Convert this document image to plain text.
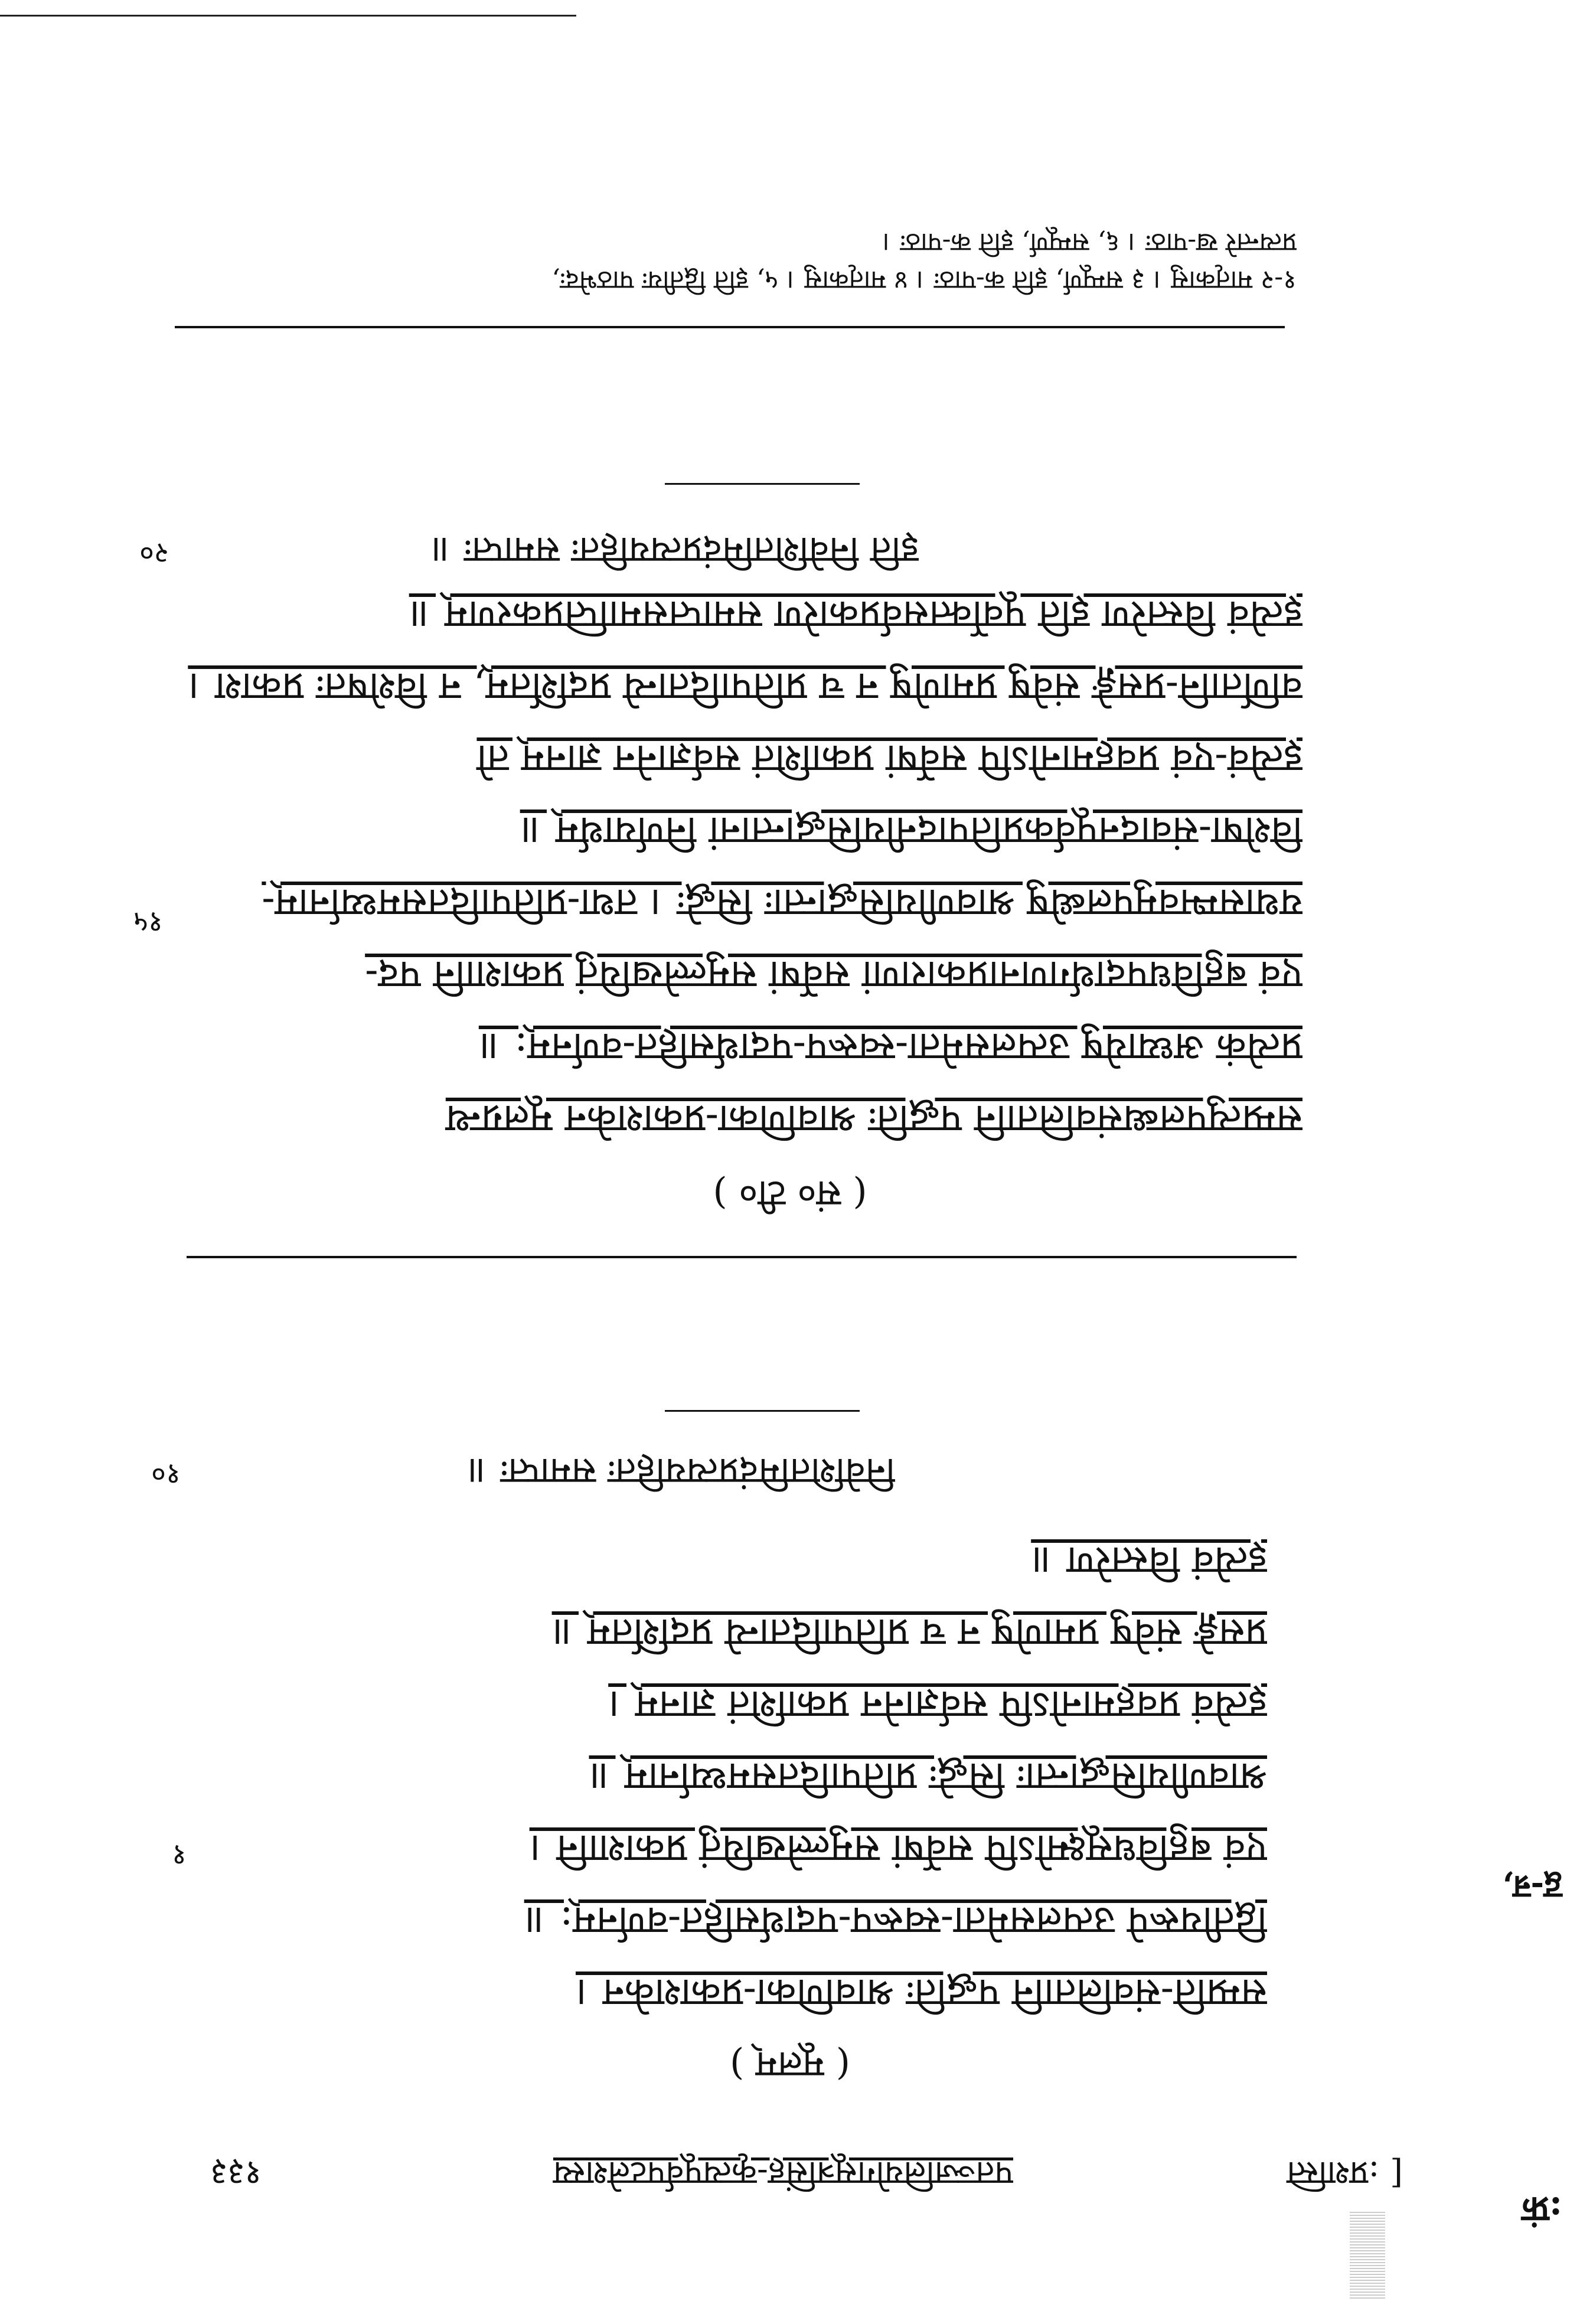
[ :प्रशस्ति
पतञ्जलियोगसूत्रसिंह-कृत्यपूर्वपटलेशस्य
१३३
( मूलम् )
सम्प्रति-संवलितानि पद्धतिः श्रावणिका-प्रकाशकेन ।
द्वितीयरूपे उत्पलसमेता-स्वरूप-पदार्थसहित-वर्णनम्: ॥
एवं बहुविधसूक्ष्मोऽपि सर्वेषां समुल्लेखयितुं प्रकाशानि ।
श्रावणीयसिद्धान्ताः सिद्धेः प्रतिपादितसमर्थ्यानाम् ॥
इत्येवं प्रवहमानोऽपि सर्वज्ञानेन प्रकाशितं ज्ञानम् ।
प्रसङ्गे संवेषु प्रमाणेषु न च प्रतिपादितान्ये प्रदर्शितम् ॥
इत्येवं विस्तरेण ॥
१
निवेशितमिदंप्रत्ययहितः समाप्तः ॥
१०
( सं० टी० )
सम्प्रत्युपलब्धसंवलितानि पद्धतिः श्रावणिका-प्रकाशकेन मूलग्रन्थ
प्रत्येकं अध्यायेषु उत्पलसमेता-स्वरूप-पदार्थसहित-वर्णनम्: ॥
एवं बहुविधपदार्थगणनाप्रकाराणां सर्वेषां समुल्लेखयितुं प्रकाशानि पद-
यथासम्भवमुपलब्धेषु श्रावणीयसिद्धान्ताः सिद्धेः । तथा-प्रतिपादितसमर्थ्यानाम्-
विशेषा-संवादनपूर्वकप्रतिपादनीयसिद्धान्तानां निर्णयार्थम् ॥
इत्येवं-एवं प्रवहमानोऽपि सर्वेषां प्रकाशितं सर्वज्ञानेन ज्ञानम् तो
वर्णितानि-प्रसङ्गे संवेषु प्रमाणेषु न च प्रतिपादितान्ये प्रदर्शितम्, न विशेषतः प्रकाश ।
इत्येवं विस्तरेण इति पूर्वोक्तसर्वप्रकारेण समाप्तसमाप्तिप्रकरणम् ॥
१५
इति निवेशितमिदंप्रत्ययहितः समाप्तः ॥
२०
१-२ मातृकासु । ३ सम्पूर्ण, इति क-पाठः । ४ मातृकासु । ५, इति द्वितीयः पाठभेदः,
प्रत्यन्तरे ख-पाठः । ६, सम्पूर्ण, इति क-पाठः ।
:फ्रं
द्व-न्र,
